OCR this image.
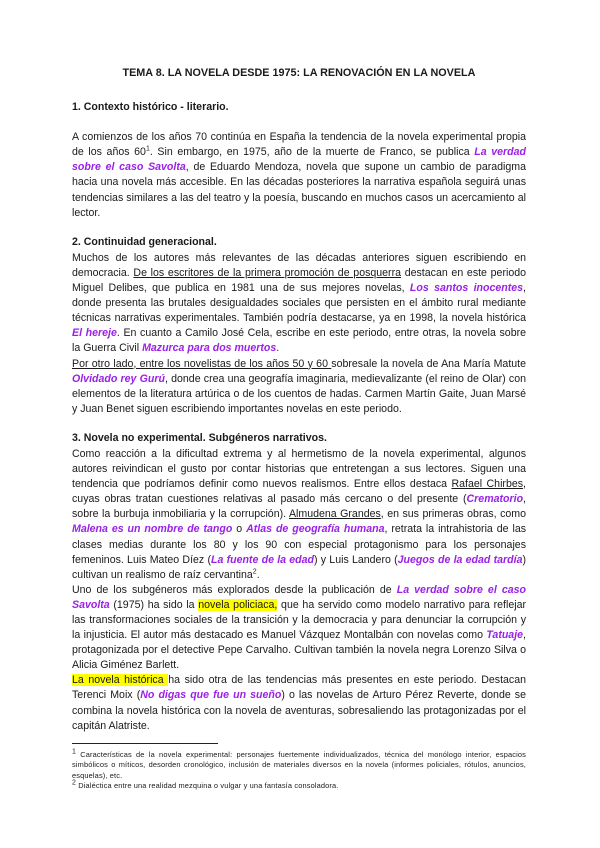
TEMA 8. LA NOVELA DESDE 1975: LA RENOVACIÓN EN LA NOVELA
1. Contexto histórico - literario.

A comienzos de los años 70 continúa en España la tendencia de la novela experimental propia de los años $60^1$. Sin embargo, en 1975, año de la muerte de Franco, se publica La verdad sobre el caso Savolta, de Eduardo Mendoza, novela que supone un cambio de paradigma hacia una novela más accesible. En las décadas posteriores la narrativa española seguirá unas tendencias similares a las del teatro y la poesía, buscando en muchos casos un acercamiento al lector.

2. Continuidad generacional.

Muchos de los autores más relevantes de las décadas anteriores siguen escribiendo en democracia. De los escritores de la primera promoción de posquerra destacan en este periodo Miguel Delibes, que publica en 1981 una de sus mejores novelas, Los santos inocentes, donde presenta las brutales desigualdades sociales que persisten en el ámbito rural mediante técnicas narrativas experimentales. También podría destacarse, ya en 1998, la novela histórica El hereje. En cuanto a Camilo José Cela, escribe en este periodo, entre otras, la novela sobre la Guerra Civil Mazurca para dos muertos.

Por otro lado, entre los novelistas de los años 50 y 60 sobresale la novela de Ana María Matute Olvidado rey Gurú, donde crea una geografía imaginaria, medievalizante (el reino de Olar) con elementos de la literatura artúrica o de los cuentos de hadas. Carmen Martín Gaite, Juan Marsé y Juan Benet siguen escribiendo importantes novelas en este periodo.

3. Novela no experimental. Subgéneros narrativos.

Como reacción a la dificultad extrema y al hermetismo de la novela experimental, algunos autores reivindican el gusto por contar historias que entretengan a sus lectores. Siguen una tendencia que podríamos definir como nuevos realismos. Entre ellos destaca Rafael Chirbes, cuyas obras tratan cuestiones relativas al pasado más cercano o del presente (Crematorio, sobre la burbuja inmobiliaria y la corrupción). Almudena Grandes, en sus primeras obras, como Malena es un nombre de tango o Atlas de geografía humana, retrata la intrahistoria de las clases medias durante los 80 y los 90 con especial protagonismo para los personajes femeninos. Luis Mateo Díez (La fuente de la edad) y Luis Landero (Juegos de la edad tardía) cultivan un realismo de raíz cervantina$^2$.

Uno de los subgéneros más explorados desde la publicación de La verdad sobre el caso Savolta (1975) ha sido la novela policiaca, que ha servido como modelo narrativo para reflejar las transformaciones sociales de la transición y la democracia y para denunciar la corrupción y la injusticia. El autor más destacado es Manuel Vázquez Montalbán con novelas como Tatuaje, protagonizada por el detective Pepe Carvalho. Cultivan también la novela negra Lorenzo Silva o Alicia Giménez Barlett.

La novela histórica ha sido otra de las tendencias más presentes en este periodo. Destacan Terenci Moix (No digas que fue un sueño) o las novelas de Arturo Pérez Reverte, donde se combina la novela histórica con la novela de aventuras, sobresaliendo las protagonizadas por el capitán Alatriste.

$^1$ Características de la novela experimental: personajes fuertemente individualizados, técnica del monólogo interior, espacios simbólicos o míticos, desorden cronológico, inclusión de materiales diversos en la novela (informes policiales, rótulos, anuncios, esquelas), etc.

$^2$ Dialéctica entre una realidad mezquina o vulgar y una fantasía consoladora.
